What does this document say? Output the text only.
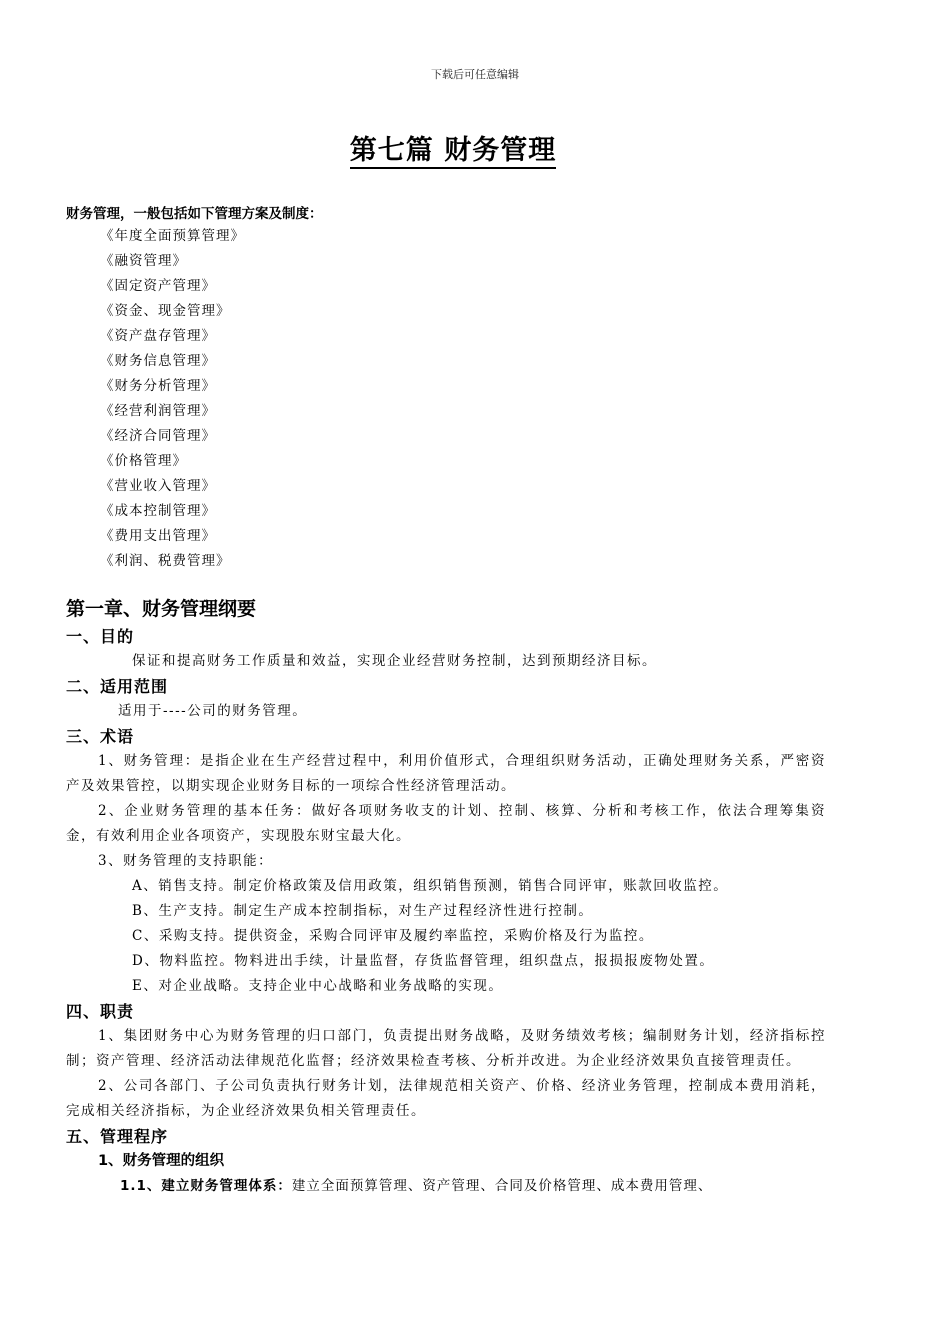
下载后可任意编辑
第七篇 财务管理
财务管理，一般包括如下管理方案及制度：
《年度全面预算管理》
《融资管理》
《固定资产管理》
《资金、现金管理》
《资产盘存管理》
《财务信息管理》
《财务分析管理》
《经营利润管理》
《经济合同管理》
《价格管理》
《营业收入管理》
《成本控制管理》
《费用支出管理》
《利润、税费管理》
第一章、财务管理纲要
一、目的

保证和提高财务工作质量和效益，实现企业经营财务控制，达到预期经济目标。

二、适用范围

适用于----公司的财务管理。

三、术语

1、财务管理：是指企业在生产经营过程中，利用价值形式，合理组织财务活动，正确处理财务关系，严密资产及效果管控，以期实现企业财务目标的一项综合性经济管理活动。

2、企业财务管理的基本任务：做好各项财务收支的计划、控制、核算、分析和考核工作，依法合理筹集资金，有效利用企业各项资产，实现股东财宝最大化。

3、财务管理的支持职能：

A、销售支持。制定价格政策及信用政策，组织销售预测，销售合同评审，账款回收监控。

B、生产支持。制定生产成本控制指标，对生产过程经济性进行控制。

C、采购支持。提供资金，采购合同评审及履约率监控，采购价格及行为监控。

D、物料监控。物料进出手续，计量监督，存货监督管理，组织盘点，报损报废物处置。

E、对企业战略。支持企业中心战略和业务战略的实现。

四、职责

1、集团财务中心为财务管理的归口部门，负责提出财务战略，及财务绩效考核；编制财务计划，经济指标控制；资产管理、经济活动法律规范化监督；经济效果检查考核、分析并改进。为企业经济效果负直接管理责任。

2、公司各部门、子公司负责执行财务计划，法律规范相关资产、价格、经济业务管理，控制成本费用消耗，完成相关经济指标，为企业经济效果负相关管理责任。

五、管理程序
1、财务管理的组织
1.1、建立财务管理体系：建立全面预算管理、资产管理、合同及价格管理、成本费用管理、
